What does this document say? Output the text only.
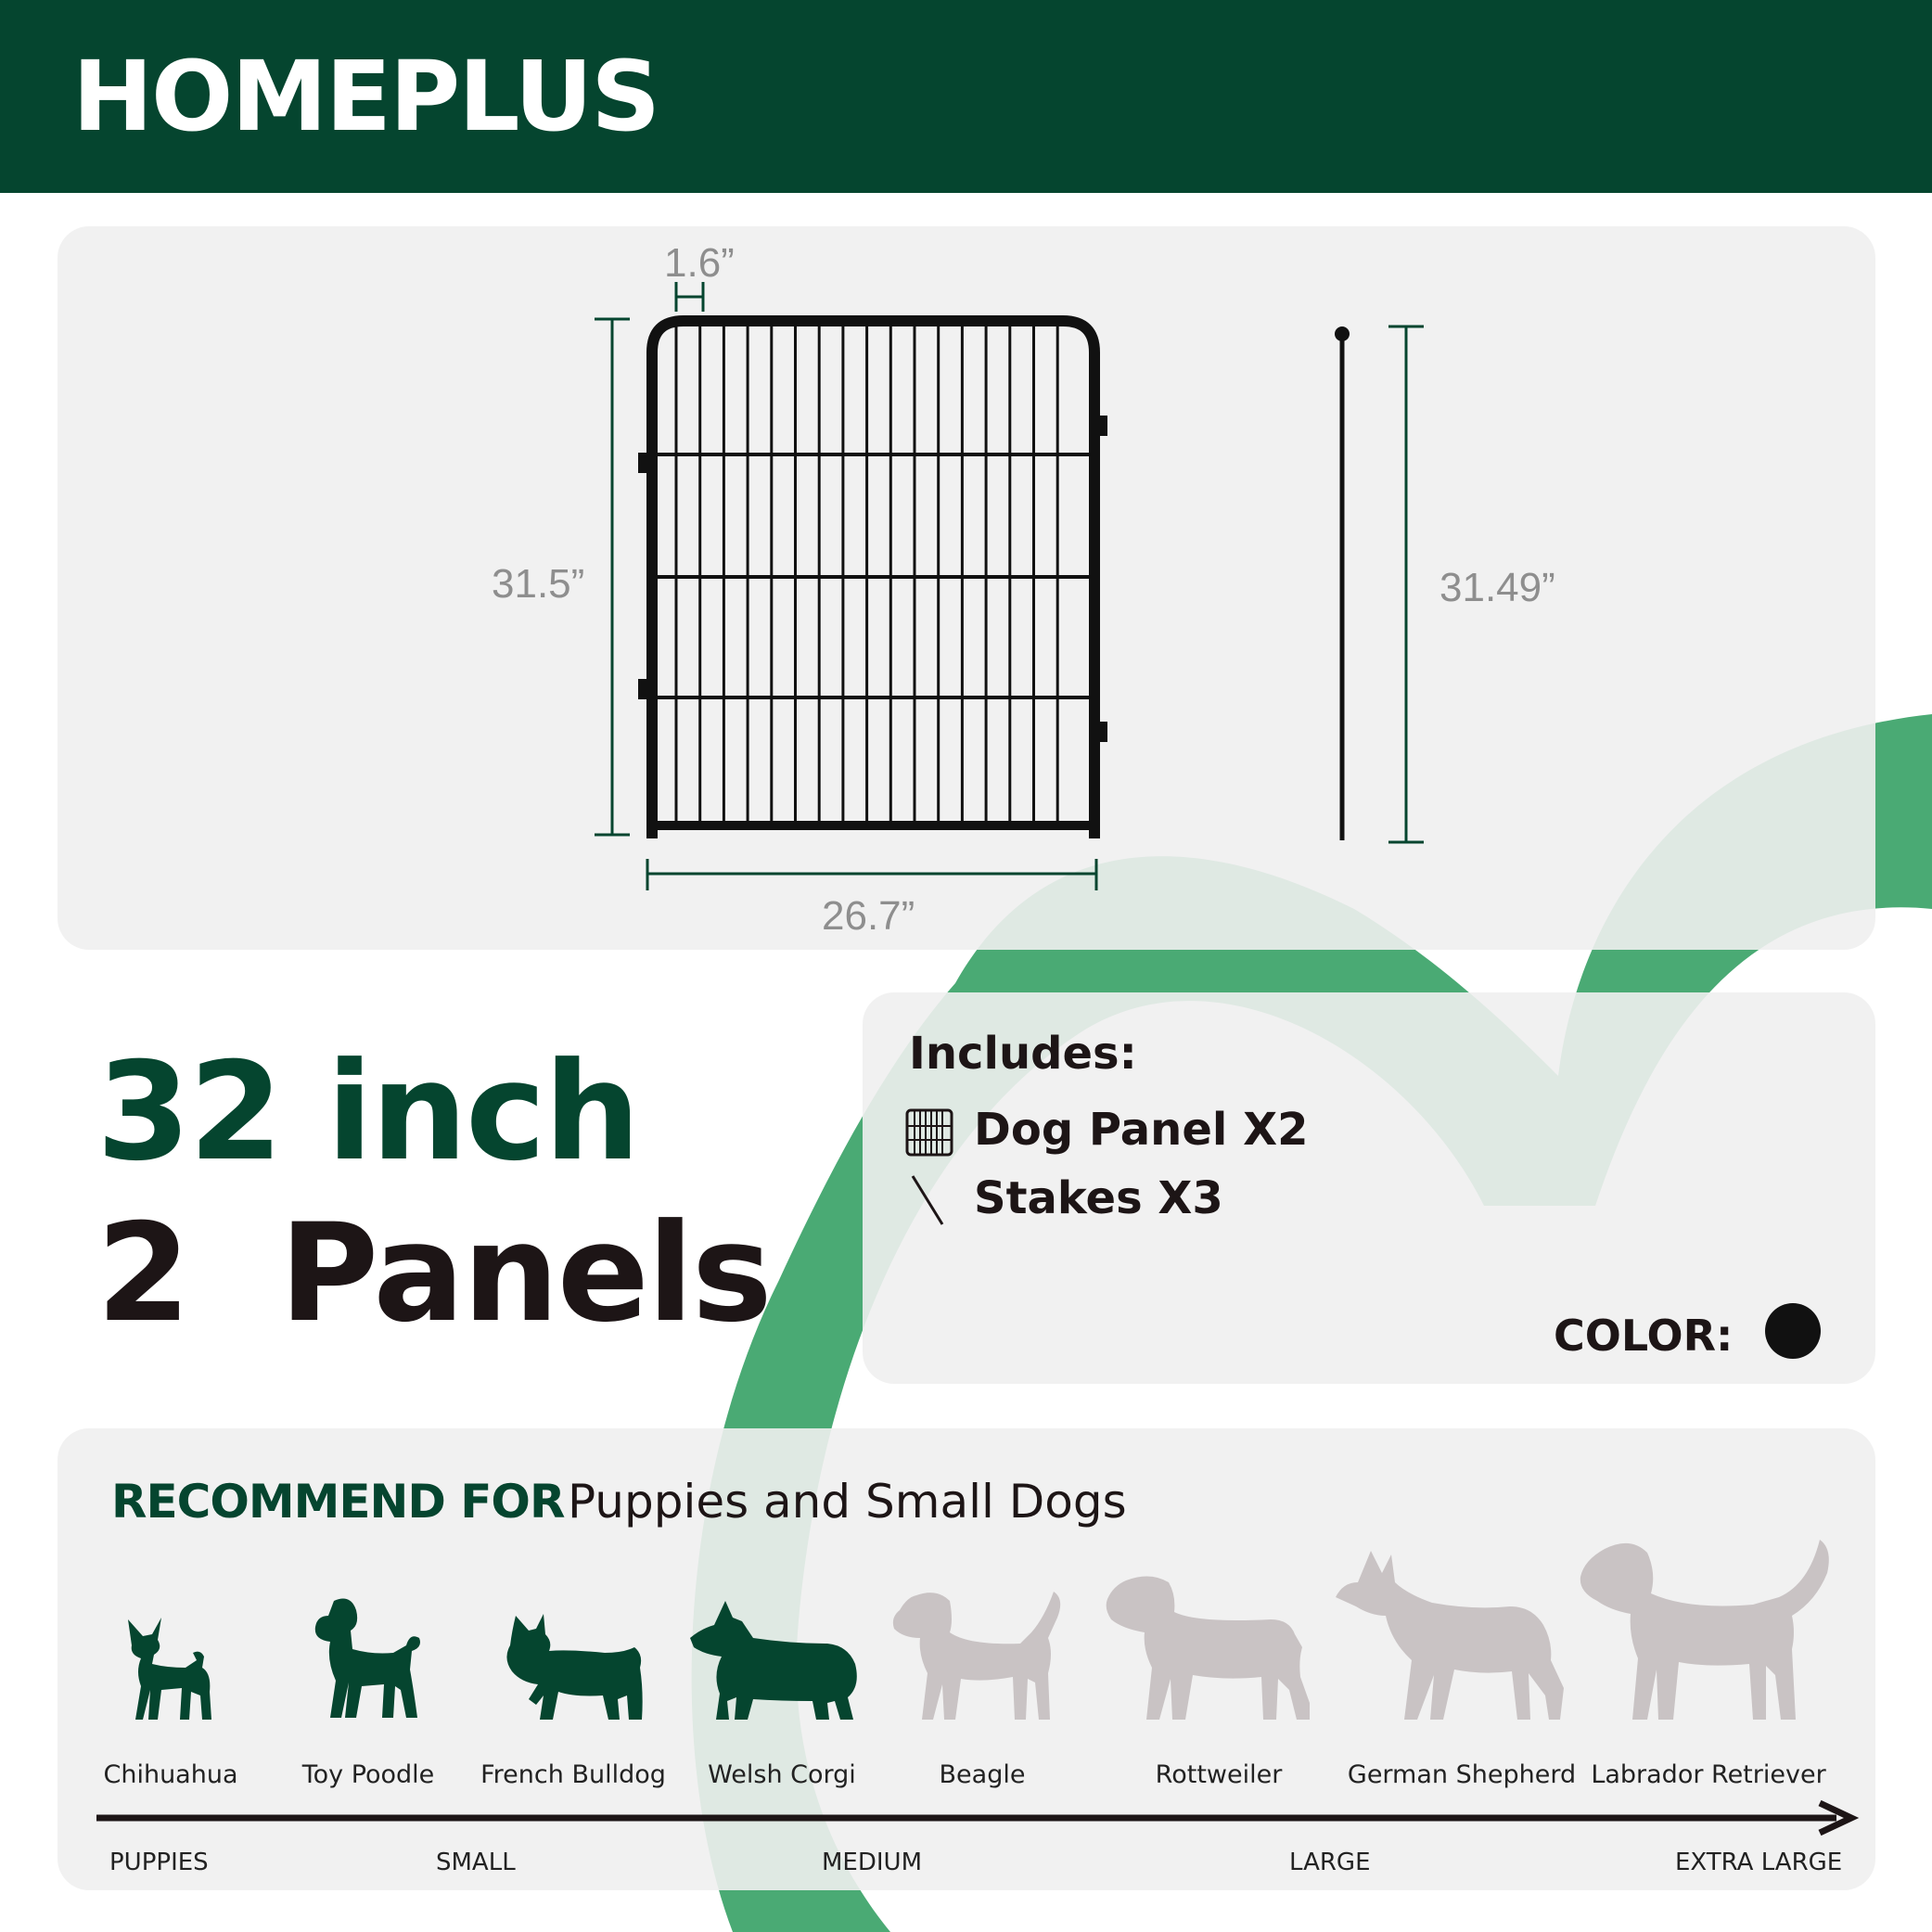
HOMEPLUS
1.6”
31.5”	31.49”
26.7”
32 inch
2  Panels
Includes:
Dog Panel X2
Stakes X3
COLOR:
RECOMMEND FOR Puppies and Small Dogs
Chihuahua	Toy Poodle	French Bulldog	Welsh Corgi	Beagle	Rottweiler	German Shepherd Labrador Retriever
PUPPIES	SMALL	MEDIUM	LARGE	EXTRA LARGE
